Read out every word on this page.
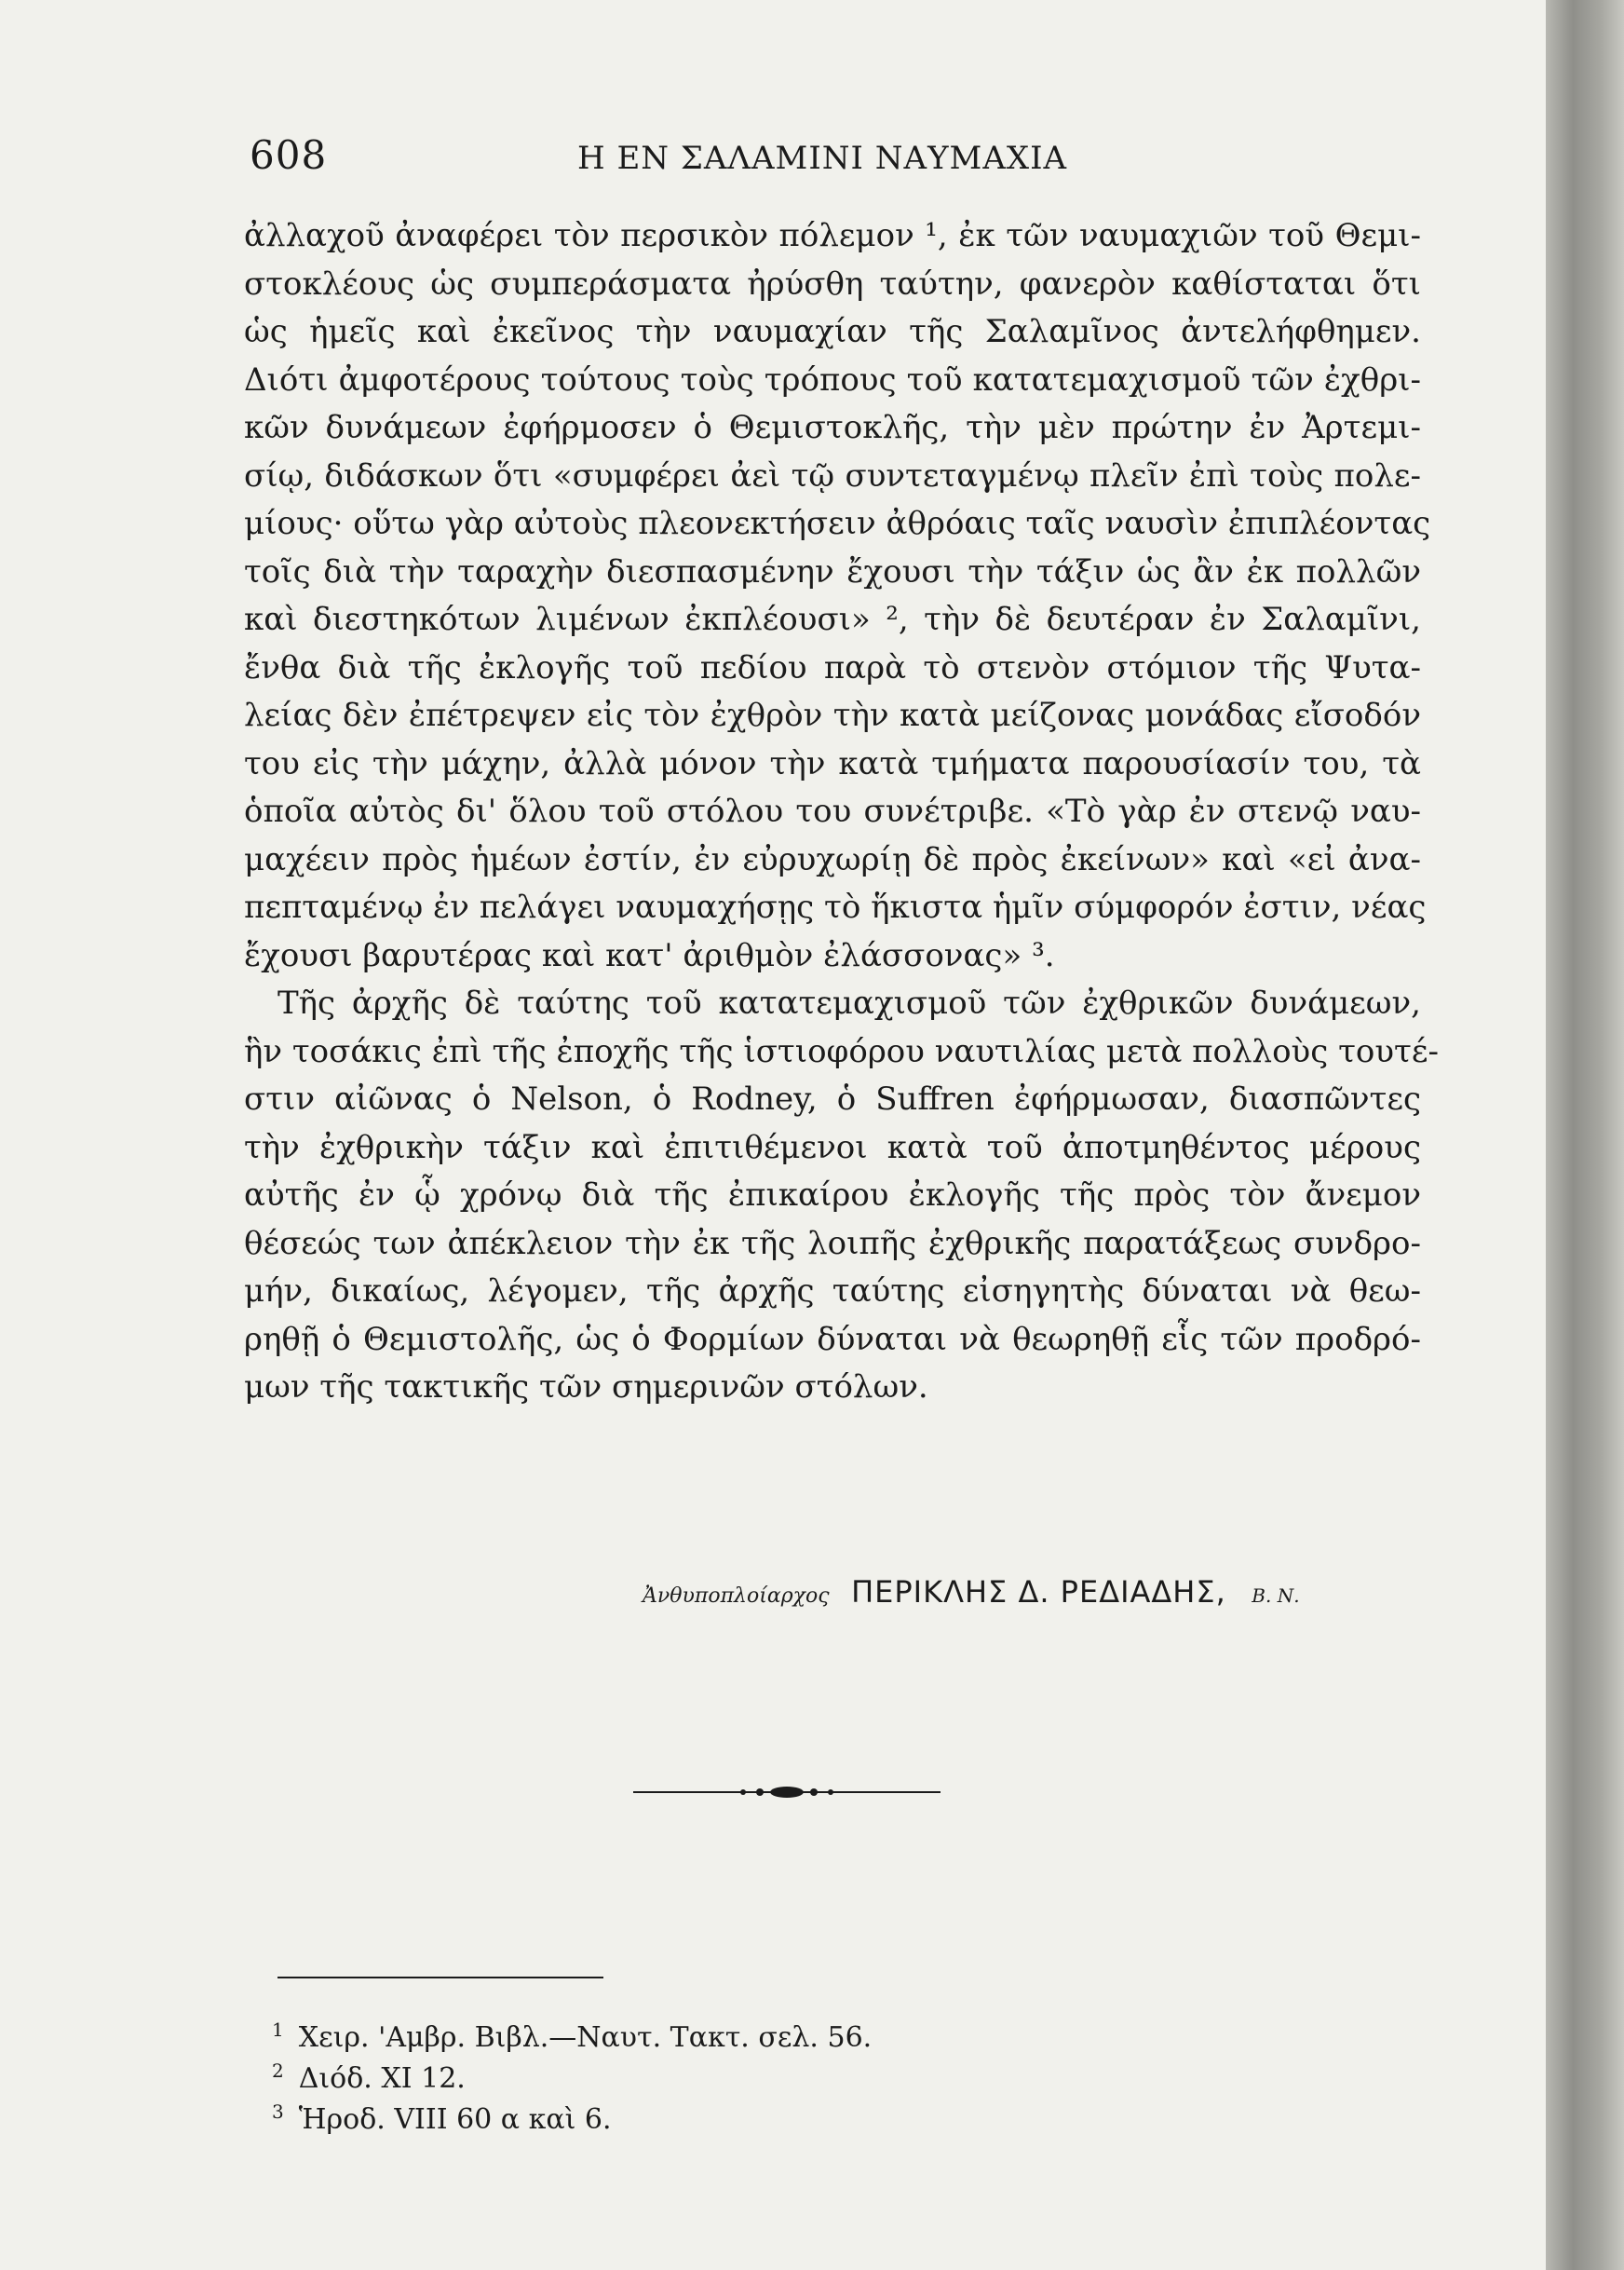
608	Η ΕΝ ΣΑΛΑΜΙΝΙ ΝΑΥΜΑΧΙΑ
ἀλλαχοῦ ἀναφέρει τὸν περσικὸν πόλεμον ¹, ἐκ τῶν ναυμαχιῶν τοῦ Θεμι-
στοκλέους ὡς συμπεράσματα ἠρύσθη ταύτην, φανερὸν καθίσταται ὅτι
ὡς ἡμεῖς καὶ ἐκεῖνος τὴν ναυμαχίαν τῆς Σαλαμῖνος ἀντελήφθημεν.
Διότι ἀμφοτέρους τούτους τοὺς τρόπους τοῦ κατατεμαχισμοῦ τῶν ἐχθρι-
κῶν δυνάμεων ἐφήρμοσεν ὁ Θεμιστοκλῆς, τὴν μὲν πρώτην ἐν Ἀρτεμι-
σίῳ, διδάσκων ὅτι «συμφέρει ἀεὶ τῷ συντεταγμένῳ πλεῖν ἐπὶ τοὺς πολε-
μίους· οὕτω γὰρ αὐτοὺς πλεονεκτήσειν ἀθρόαις ταῖς ναυσὶν ἐπιπλέοντας
τοῖς διὰ τὴν ταραχὴν διεσπασμένην ἔχουσι τὴν τάξιν ὡς ἂν ἐκ πολλῶν
καὶ διεστηκότων λιμένων ἐκπλέουσι» ², τὴν δὲ δευτέραν ἐν Σαλαμῖνι,
ἔνθα διὰ τῆς ἐκλογῆς τοῦ πεδίου παρὰ τὸ στενὸν στόμιον τῆς Ψυτα-
λείας δὲν ἐπέτρεψεν εἰς τὸν ἐχθρὸν τὴν κατὰ μείζονας μονάδας εἴσοδόν
του εἰς τὴν μάχην, ἀλλὰ μόνον τὴν κατὰ τμήματα παρουσίασίν του, τὰ
ὁποῖα αὐτὸς δι' ὅλου τοῦ στόλου του συνέτριβε. «Τὸ γὰρ ἐν στενῷ ναυ-
μαχέειν πρὸς ἡμέων ἐστίν, ἐν εὐρυχωρίῃ δὲ πρὸς ἐκείνων» καὶ «εἰ ἀνα-
πεπταμένῳ ἐν πελάγει ναυμαχήσῃς τὸ ἥκιστα ἡμῖν σύμφορόν ἐστιν, νέας
ἔχουσι βαρυτέρας καὶ κατ' ἀριθμὸν ἐλάσσονας» ³.
Τῆς ἀρχῆς δὲ ταύτης τοῦ κατατεμαχισμοῦ τῶν ἐχθρικῶν δυνάμεων,
ἣν τοσάκις ἐπὶ τῆς ἐποχῆς τῆς ἱστιοφόρου ναυτιλίας μετὰ πολλοὺς τουτέ-
στιν αἰῶνας ὁ Nelson, ὁ Rodney, ὁ Suffren ἐφήρμωσαν, διασπῶντες
τὴν ἐχθρικὴν τάξιν καὶ ἐπιτιθέμενοι κατὰ τοῦ ἀποτμηθέντος μέρους
αὐτῆς ἐν ᾧ χρόνῳ διὰ τῆς ἐπικαίρου ἐκλογῆς τῆς πρὸς τὸν ἄνεμον
θέσεώς των ἀπέκλειον τὴν ἐκ τῆς λοιπῆς ἐχθρικῆς παρατάξεως συνδρο-
μήν, δικαίως, λέγομεν, τῆς ἀρχῆς ταύτης εἰσηγητὴς δύναται νὰ θεω-
ρηθῇ ὁ Θεμιστολῆς, ὡς ὁ Φορμίων δύναται νὰ θεωρηθῇ εἷς τῶν προδρό-
μων τῆς τακτικῆς τῶν σημερινῶν στόλων.
Ἀνθυποπλοίαρχος ΠΕΡΙΚΛΗΣ Δ. ΡΕΔΙΑΔΗΣ, Β. Ν.
$^1$ Χειρ. 'Αμβρ. Βιβλ.—Ναυτ. Τακτ. σελ. 56.
$^2$ Διόδ. XI 12.
$^3$ Ἡροδ. VIII 60 α καὶ 6.
